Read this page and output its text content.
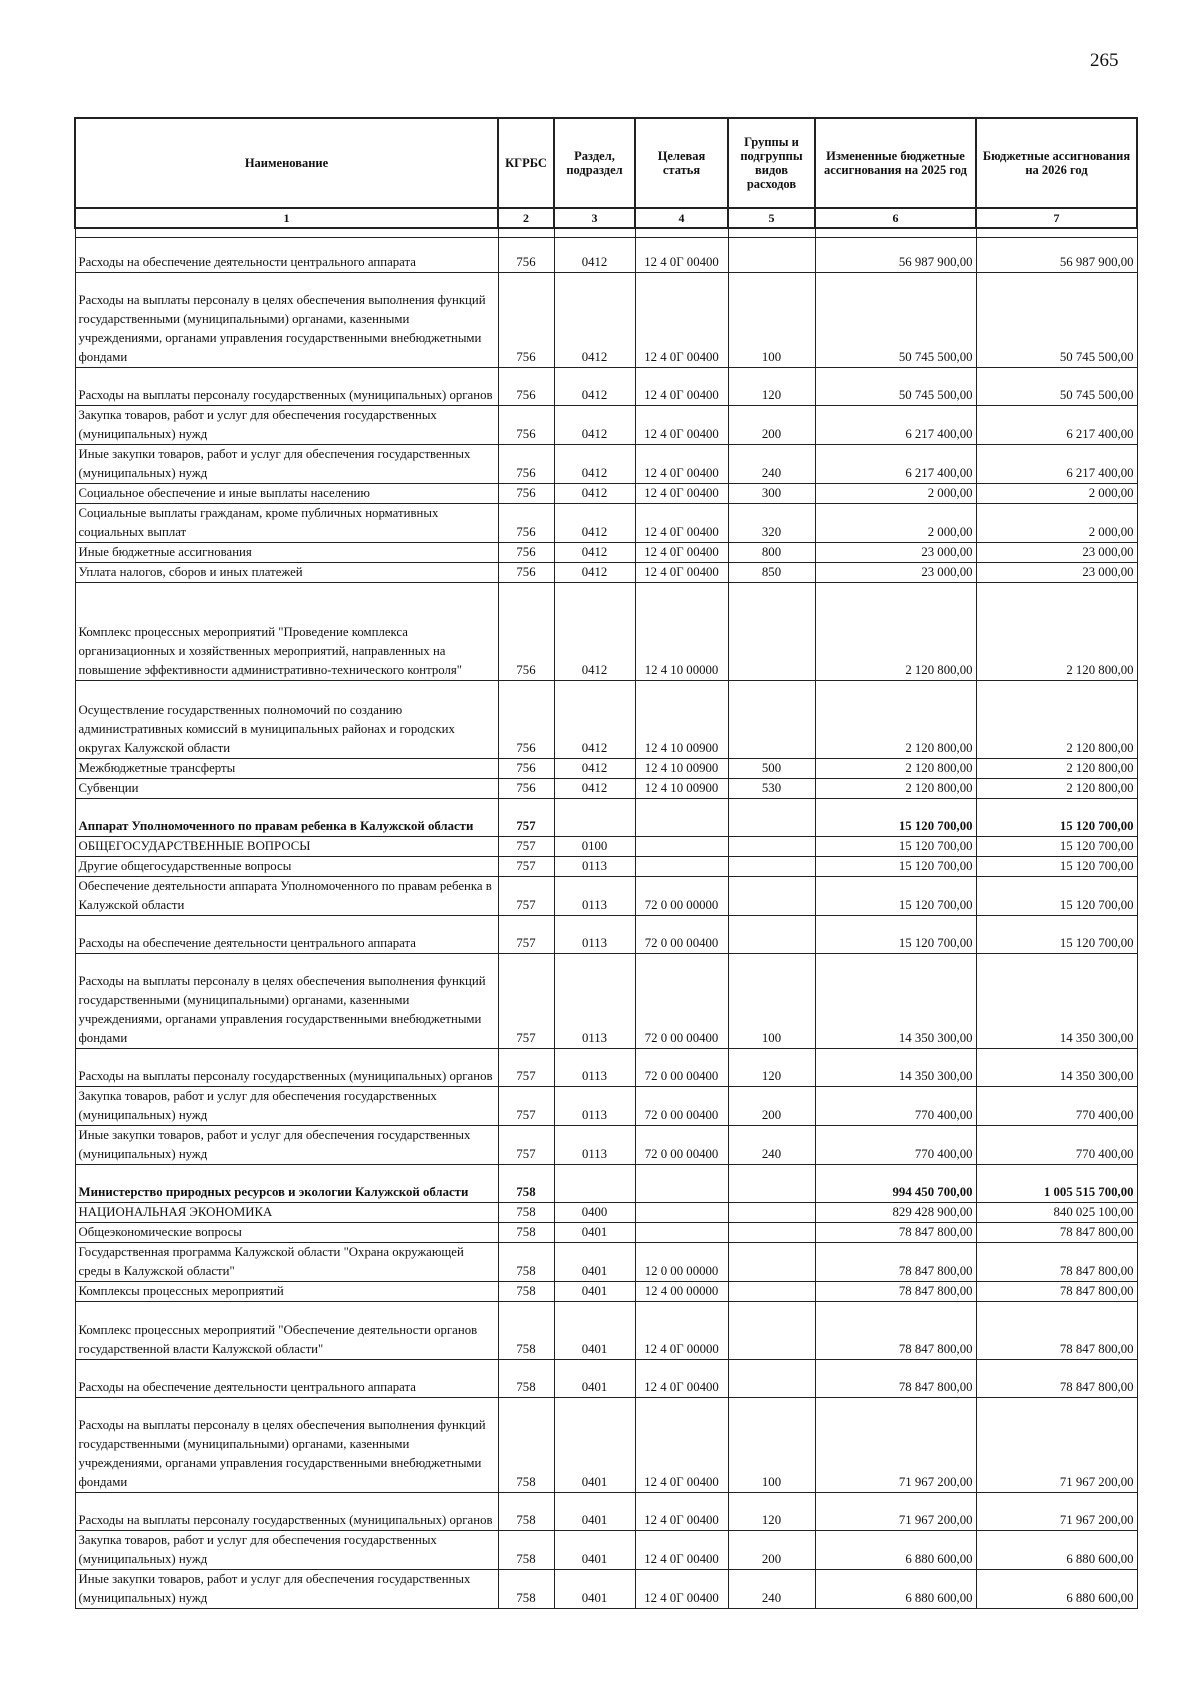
265
Наименование	КГРБС	Раздел, подраздел	Целевая статья	Группы и подгруппы видов расходов	Измененные бюджетные ассигнования на 2025 год	Бюджетные ассигнования на 2026 год
1	2	3	4	5	6	7

Расходы на обеспечение деятельности центрального аппарата	756	0412	12 4 0Г 00400		56 987 900,00	56 987 900,00
Расходы на выплаты персоналу в целях обеспечения выполнения функций государственными (муниципальными) органами, казенными учреждениями, органами управления государственными внебюджетными фондами	756	0412	12 4 0Г 00400	100	50 745 500,00	50 745 500,00
Расходы на выплаты персоналу государственных (муниципальных) органов	756	0412	12 4 0Г 00400	120	50 745 500,00	50 745 500,00
Закупка товаров, работ и услуг для обеспечения государственных (муниципальных) нужд	756	0412	12 4 0Г 00400	200	6 217 400,00	6 217 400,00
Иные закупки товаров, работ и услуг для обеспечения государственных (муниципальных) нужд	756	0412	12 4 0Г 00400	240	6 217 400,00	6 217 400,00
Социальное обеспечение и иные выплаты населению	756	0412	12 4 0Г 00400	300	2 000,00	2 000,00
Социальные выплаты гражданам, кроме публичных нормативных социальных выплат	756	0412	12 4 0Г 00400	320	2 000,00	2 000,00
Иные бюджетные ассигнования	756	0412	12 4 0Г 00400	800	23 000,00	23 000,00
Уплата налогов, сборов и иных платежей	756	0412	12 4 0Г 00400	850	23 000,00	23 000,00
Комплекс процессных мероприятий "Проведение комплекса организационных и хозяйственных мероприятий, направленных на повышение эффективности административно-технического контроля"	756	0412	12 4 10 00000		2 120 800,00	2 120 800,00
Осуществление государственных полномочий по созданию административных комиссий в муниципальных районах и городских округах Калужской области	756	0412	12 4 10 00900		2 120 800,00	2 120 800,00
Межбюджетные трансферты	756	0412	12 4 10 00900	500	2 120 800,00	2 120 800,00
Субвенции	756	0412	12 4 10 00900	530	2 120 800,00	2 120 800,00
Аппарат Уполномоченного по правам ребенка в Калужской области	757				15 120 700,00	15 120 700,00
ОБЩЕГОСУДАРСТВЕННЫЕ ВОПРОСЫ	757	0100			15 120 700,00	15 120 700,00
Другие общегосударственные вопросы	757	0113			15 120 700,00	15 120 700,00
Обеспечение деятельности аппарата Уполномоченного по правам ребенка в Калужской области	757	0113	72 0 00 00000		15 120 700,00	15 120 700,00
Расходы на обеспечение деятельности центрального аппарата	757	0113	72 0 00 00400		15 120 700,00	15 120 700,00
Расходы на выплаты персоналу в целях обеспечения выполнения функций государственными (муниципальными) органами, казенными учреждениями, органами управления государственными внебюджетными фондами	757	0113	72 0 00 00400	100	14 350 300,00	14 350 300,00
Расходы на выплаты персоналу государственных (муниципальных) органов	757	0113	72 0 00 00400	120	14 350 300,00	14 350 300,00
Закупка товаров, работ и услуг для обеспечения государственных (муниципальных) нужд	757	0113	72 0 00 00400	200	770 400,00	770 400,00
Иные закупки товаров, работ и услуг для обеспечения государственных (муниципальных) нужд	757	0113	72 0 00 00400	240	770 400,00	770 400,00
Министерство природных ресурсов и экологии Калужской области	758				994 450 700,00	1 005 515 700,00
НАЦИОНАЛЬНАЯ ЭКОНОМИКА	758	0400			829 428 900,00	840 025 100,00
Общеэкономические вопросы	758	0401			78 847 800,00	78 847 800,00
Государственная программа Калужской области "Охрана окружающей среды в Калужской области"	758	0401	12 0 00 00000		78 847 800,00	78 847 800,00
Комплексы процессных мероприятий	758	0401	12 4 00 00000		78 847 800,00	78 847 800,00
Комплекс процессных мероприятий "Обеспечение деятельности органов государственной власти Калужской области"	758	0401	12 4 0Г 00000		78 847 800,00	78 847 800,00
Расходы на обеспечение деятельности центрального аппарата	758	0401	12 4 0Г 00400		78 847 800,00	78 847 800,00
Расходы на выплаты персоналу в целях обеспечения выполнения функций государственными (муниципальными) органами, казенными учреждениями, органами управления государственными внебюджетными фондами	758	0401	12 4 0Г 00400	100	71 967 200,00	71 967 200,00
Расходы на выплаты персоналу государственных (муниципальных) органов	758	0401	12 4 0Г 00400	120	71 967 200,00	71 967 200,00
Закупка товаров, работ и услуг для обеспечения государственных (муниципальных) нужд	758	0401	12 4 0Г 00400	200	6 880 600,00	6 880 600,00
Иные закупки товаров, работ и услуг для обеспечения государственных (муниципальных) нужд	758	0401	12 4 0Г 00400	240	6 880 600,00	6 880 600,00
